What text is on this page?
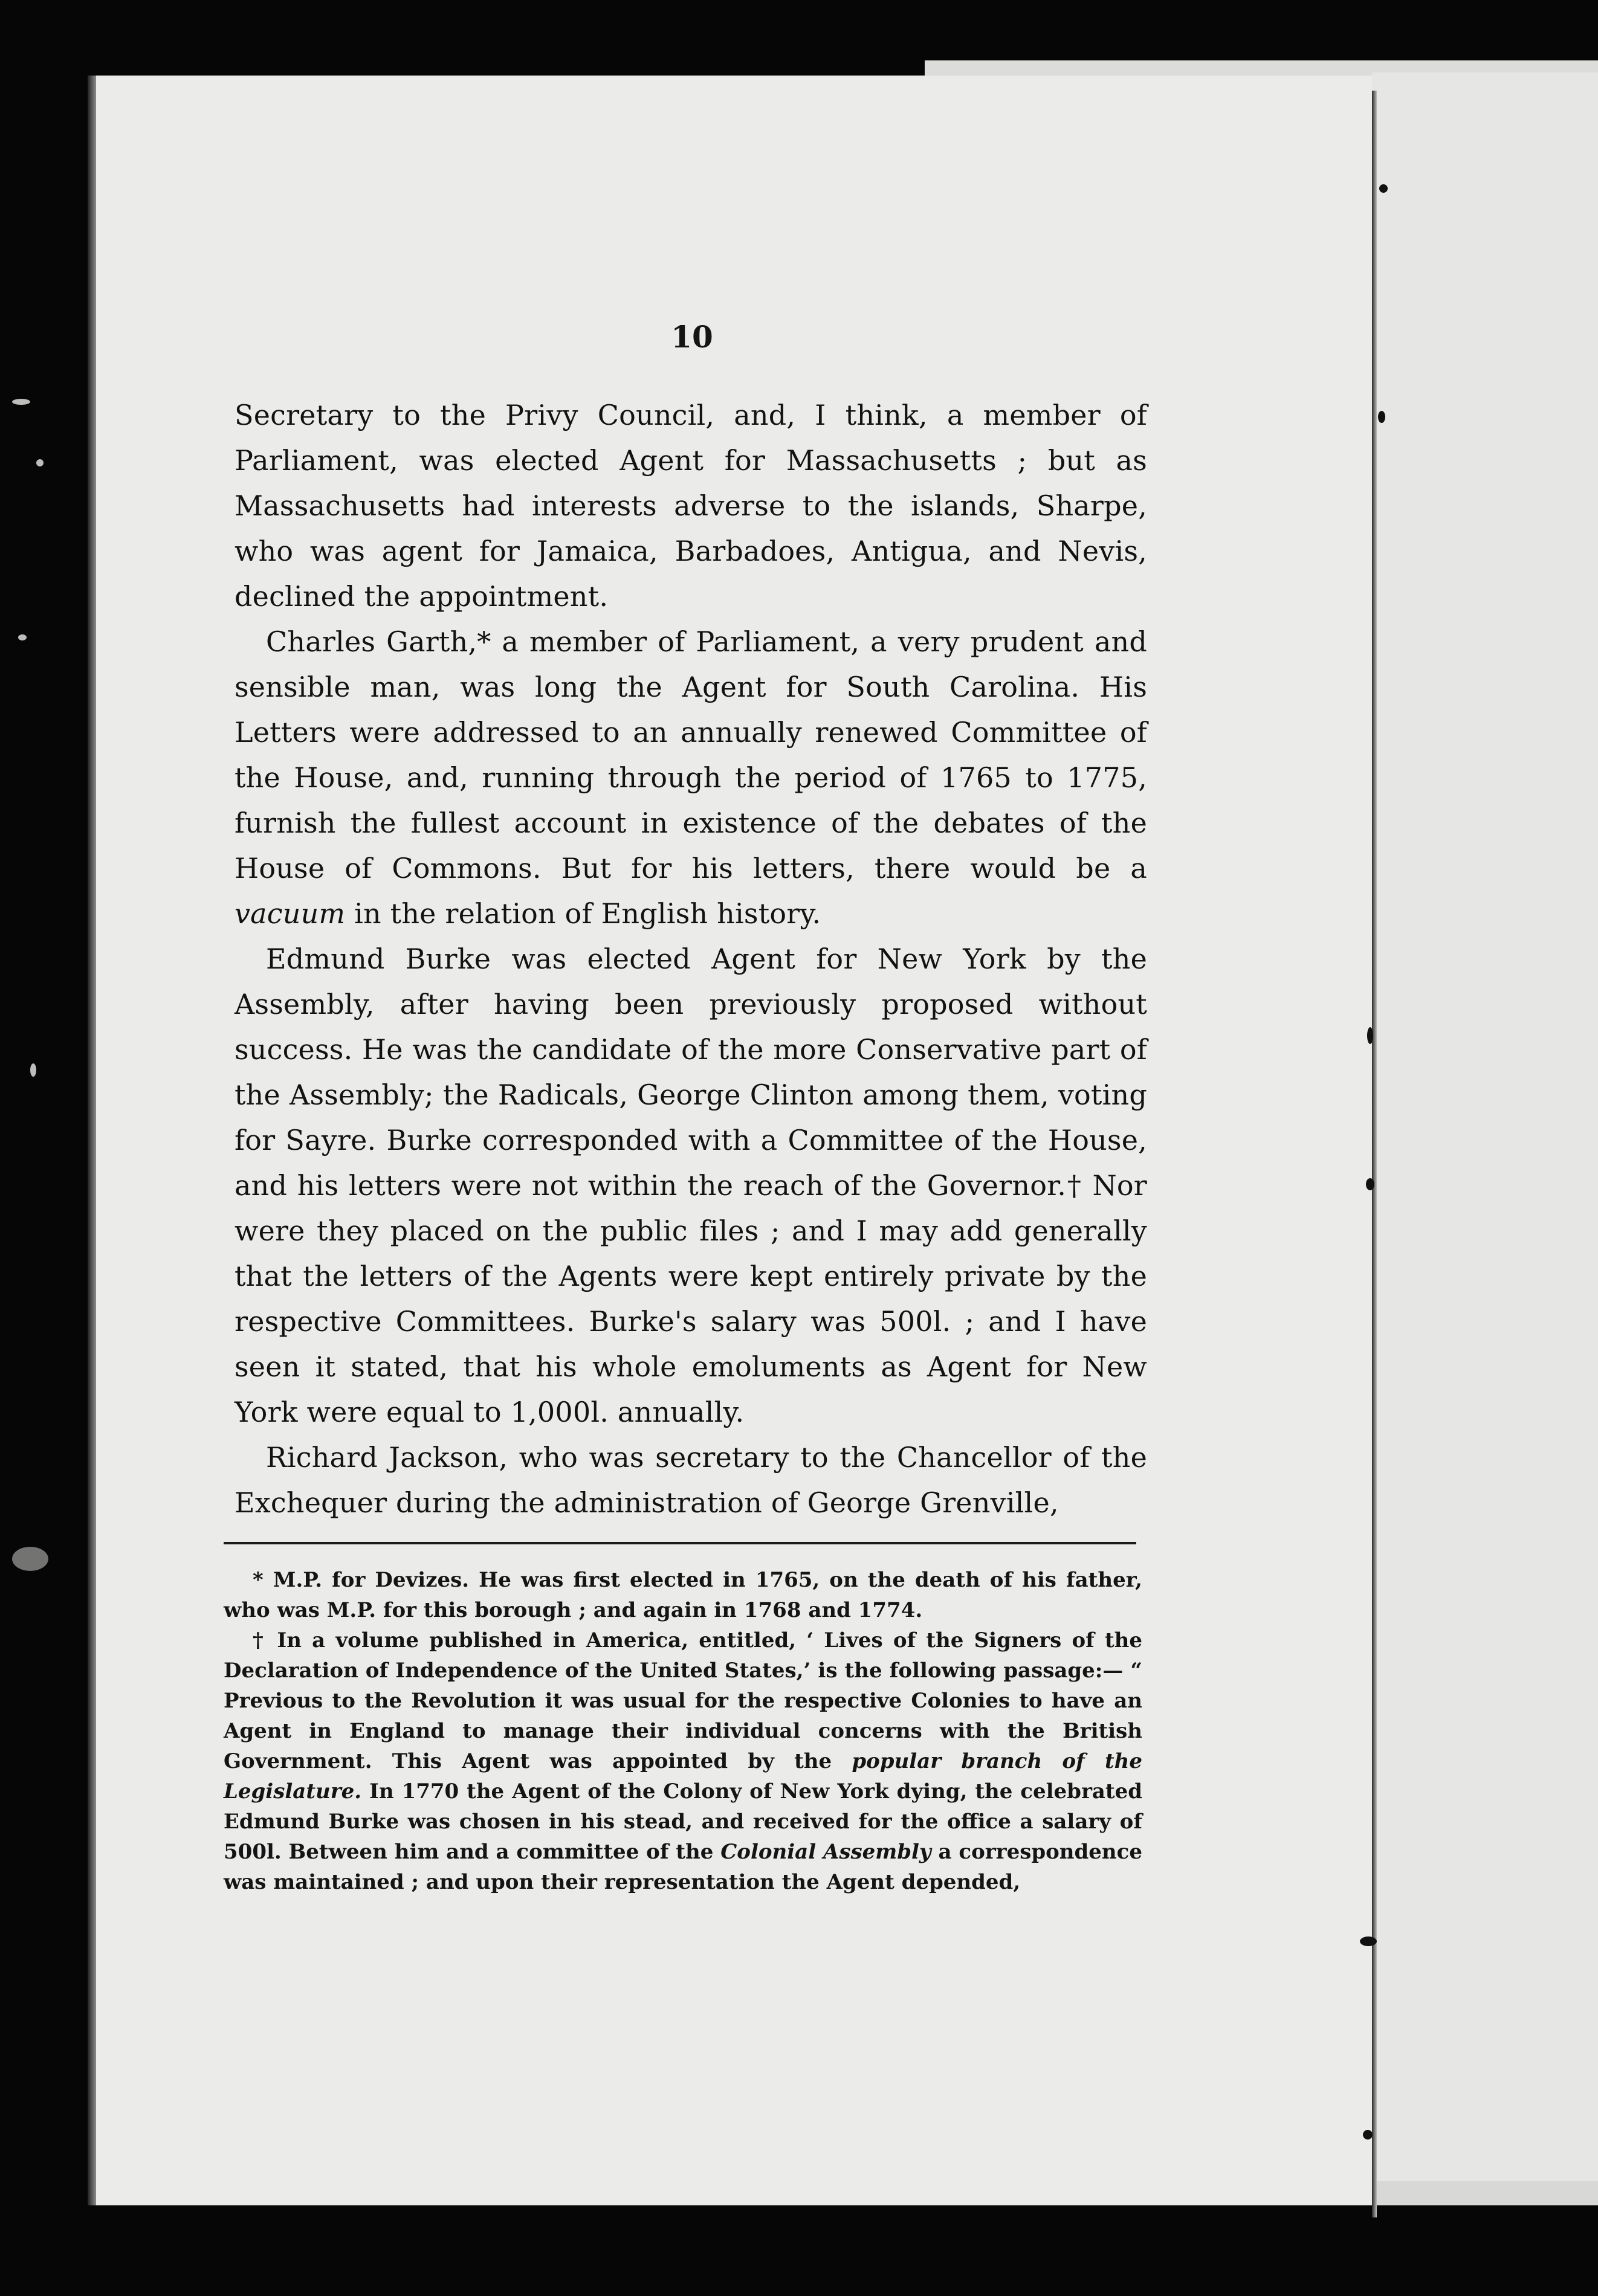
10

Secretary to the Privy Council, and, I think, a member of Parliament, was elected Agent for Massachusetts ; but as Massachusetts had interests adverse to the islands, Sharpe, who was agent for Jamaica, Barbadoes, Antigua, and Nevis, declined the appointment.

Charles Garth,* a member of Parliament, a very prudent and sensible man, was long the Agent for South Carolina. His Letters were addressed to an annually renewed Committee of the House, and, running through the period of 1765 to 1775, furnish the fullest account in existence of the debates of the House of Commons. But for his letters, there would be a vacuum in the relation of English history.

Edmund Burke was elected Agent for New York by the Assembly, after having been previously proposed without success. He was the candidate of the more Conservative part of the Assembly; the Radicals, George Clinton among them, voting for Sayre. Burke corresponded with a Committee of the House, and his letters were not within the reach of the Governor.† Nor were they placed on the public files ; and I may add generally that the letters of the Agents were kept entirely private by the respective Committees. Burke's salary was 500l. ; and I have seen it stated, that his whole emoluments as Agent for New York were equal to 1,000l. annually.

Richard Jackson, who was secretary to the Chancellor of the Exchequer during the administration of George Grenville,

* M.P. for Devizes. He was first elected in 1765, on the death of his father, who was M.P. for this borough ; and again in 1768 and 1774.

† In a volume published in America, entitled, ‘ Lives of the Signers of the Declaration of Independence of the United States,’ is the following passage:— “ Previous to the Revolution it was usual for the respective Colonies to have an Agent in England to manage their individual concerns with the British Government. This Agent was appointed by the popular branch of the Legislature. In 1770 the Agent of the Colony of New York dying, the celebrated Edmund Burke was chosen in his stead, and received for the office a salary of 500l. Between him and a committee of the Colonial Assembly a correspondence was maintained ; and upon their representation the Agent depended,
